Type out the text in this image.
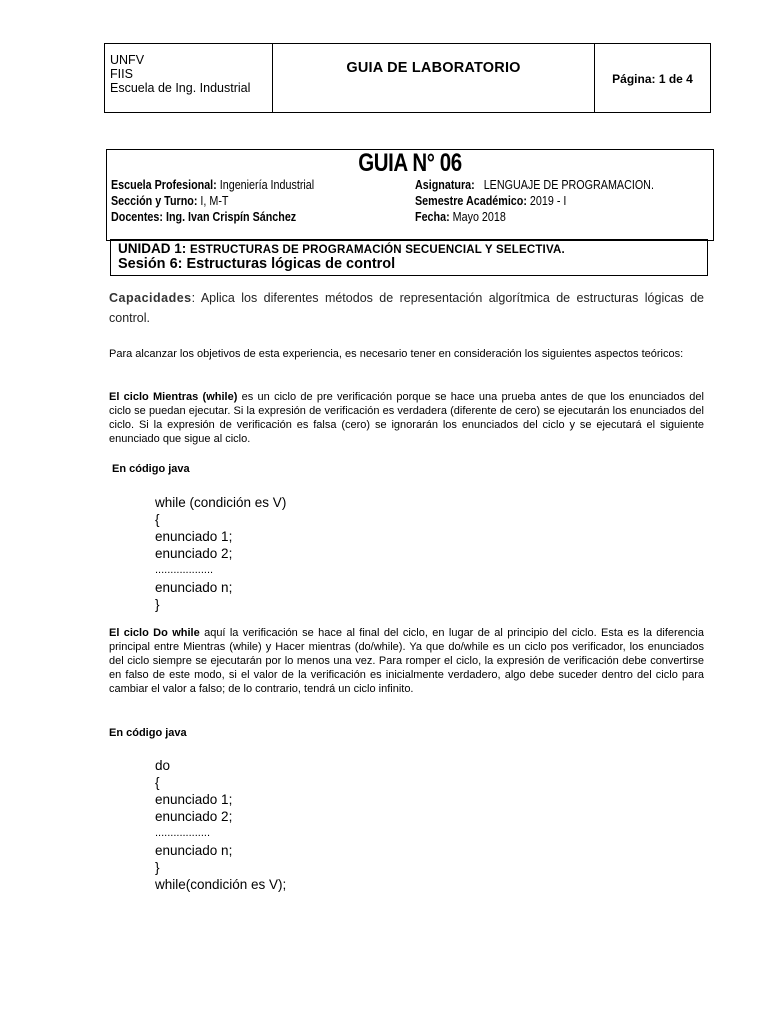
UNFV
FIIS
Escuela de Ing. Industrial
GUIA DE LABORATORIO
Página: 1 de 4
GUIA N° 06
Escuela Profesional: Ingeniería Industrial	Asignatura: LENGUAJE DE PROGRAMACION.
Sección y Turno: I, M-T	Semestre Académico: 2019 - I
Docentes: Ing. Ivan Crispín Sánchez	Fecha: Mayo 2018
UNIDAD 1: ESTRUCTURAS DE PROGRAMACIÓN SECUENCIAL Y SELECTIVA.
Sesión 6: Estructuras lógicas de control
Capacidades: Aplica los diferentes métodos de representación algorítmica de estructuras lógicas de control.
Para alcanzar los objetivos de esta experiencia, es necesario tener en consideración los siguientes aspectos teóricos:
El ciclo Mientras (while) es un ciclo de pre verificación porque se hace una prueba antes de que los enunciados del ciclo se puedan ejecutar. Si la expresión de verificación es verdadera (diferente de cero) se ejecutarán los enunciados del ciclo. Si la expresión de verificación es falsa (cero) se ignorarán los enunciados del ciclo y se ejecutará el siguiente enunciado que sigue al ciclo.
En código java
while (condición es V)
{
enunciado 1;
enunciado 2;
...................
enunciado n;
}
El ciclo Do while aquí la verificación se hace al final del ciclo, en lugar de al principio del ciclo. Esta es la diferencia principal entre Mientras (while) y Hacer mientras (do/while). Ya que do/while es un ciclo pos verificador, los enunciados del ciclo siempre se ejecutarán por lo menos una vez. Para romper el ciclo, la expresión de verificación debe convertirse en falso de este modo, si el valor de la verificación es inicialmente verdadero, algo debe suceder dentro del ciclo para cambiar el valor a falso; de lo contrario, tendrá un ciclo infinito.
En código java
do
{
enunciado 1;
enunciado 2;
..................
enunciado n;
}
while(condición es V);
